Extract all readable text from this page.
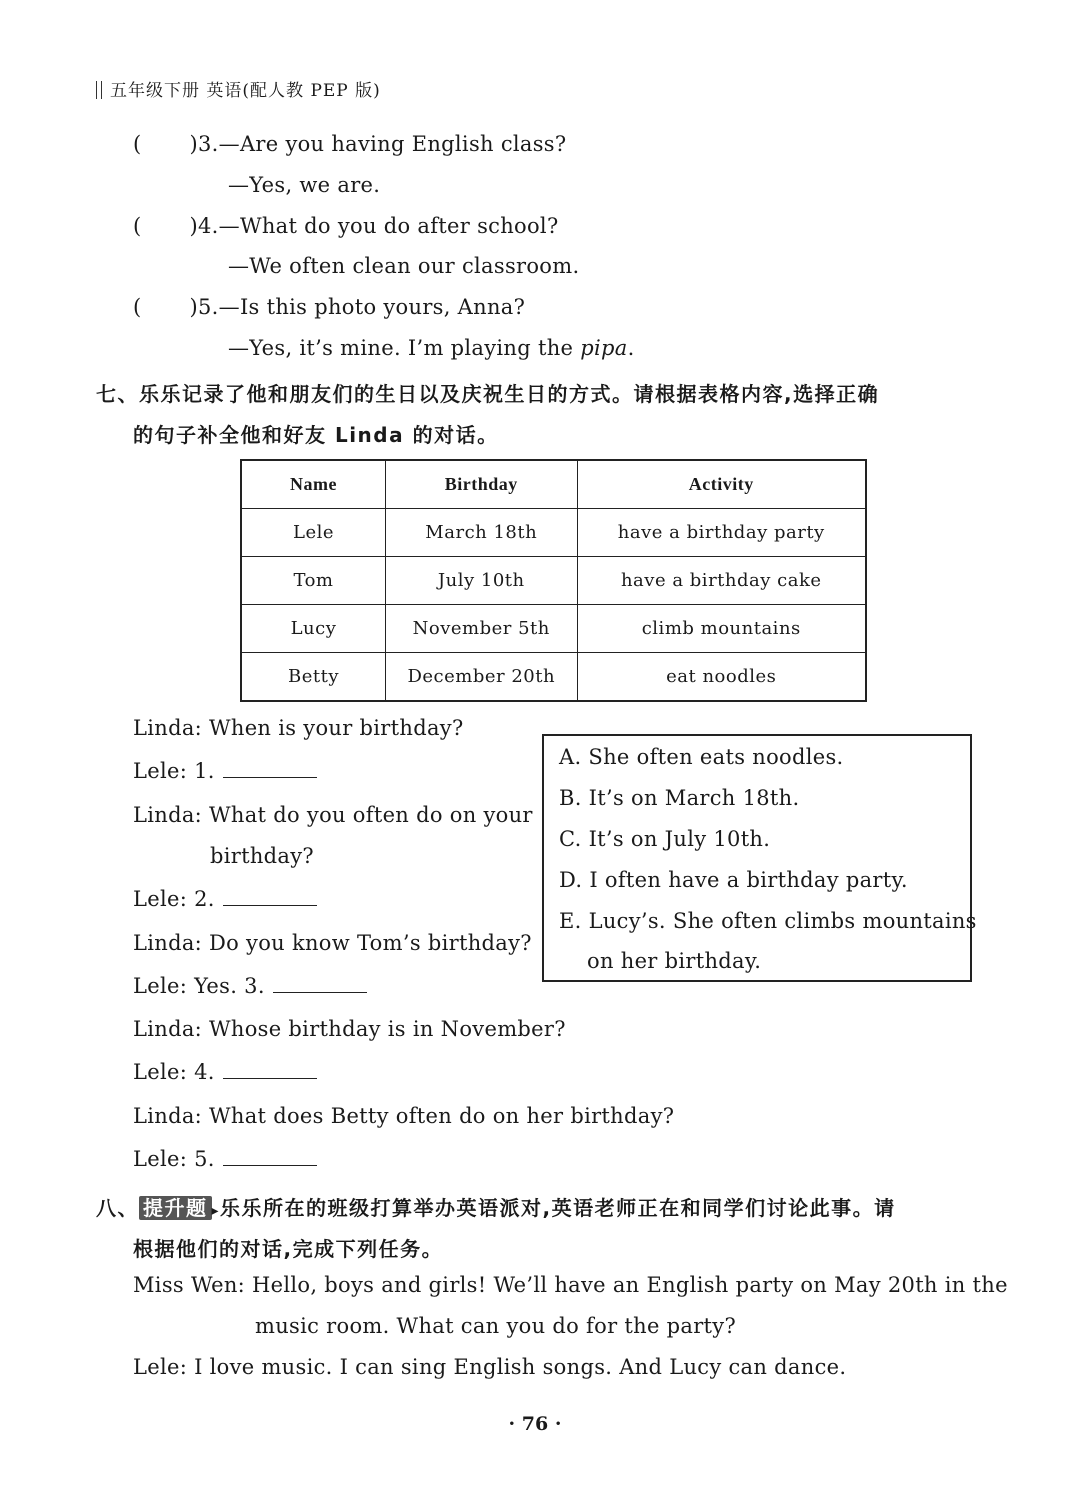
五年级下册 英语(配人教 PEP 版)
( )3.—Are you having English class?
—Yes, we are.
( )4.—What do you do after school?
—We often clean our classroom.
( )5.—Is this photo yours, Anna?
—Yes, it’s mine. I’m playing the pipa.
七、乐乐记录了他和朋友们的生日以及庆祝生日的方式。请根据表格内容,选择正确
的句子补全他和好友 Linda 的对话。
Name	Birthday	Activity
Lele	March 18th	have a birthday party
Tom	July 10th	have a birthday cake
Lucy	November 5th	climb mountains
Betty	December 20th	eat noodles
Linda: When is your birthday?
Lele: 1.
Linda: What do you often do on your
birthday?
Lele: 2.
Linda: Do you know Tom’s birthday?
Lele: Yes. 3.
Linda: Whose birthday is in November?
Lele: 4.
Linda: What does Betty often do on her birthday?
Lele: 5.
A. She often eats noodles.
B. It’s on March 18th.
C. It’s on July 10th.
D. I often have a birthday party.
E. Lucy’s. She often climbs mountains
on her birthday.
八、 提升题 ▸乐乐所在的班级打算举办英语派对,英语老师正在和同学们讨论此事。请
根据他们的对话,完成下列任务。
Miss Wen: Hello, boys and girls! We’ll have an English party on May 20th in the
music room. What can you do for the party?
Lele: I love music. I can sing English songs. And Lucy can dance.
· 76 ·
